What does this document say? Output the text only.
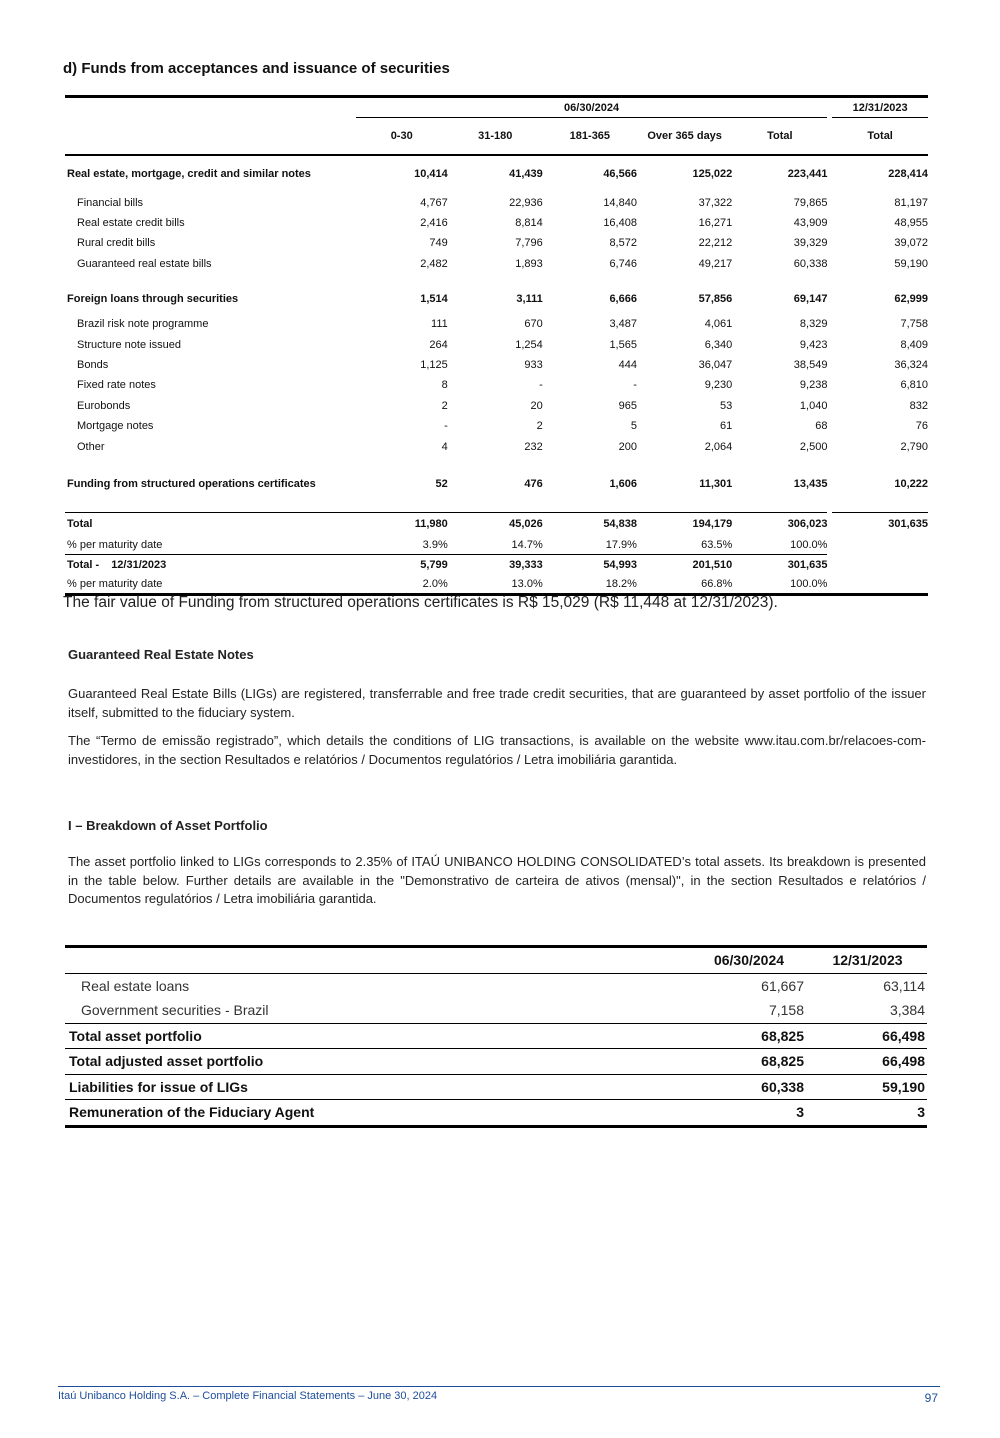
d) Funds from acceptances and issuance of securities
	06/30/2024						12/31/2023
	0-30	31-180	181-365	Over 365 days	Total		Total
Real estate, mortgage, credit and similar notes	10,414	41,439	46,566	125,022	223,441		228,414
Financial bills	4,767	22,936	14,840	37,322	79,865		81,197
Real estate credit bills	2,416	8,814	16,408	16,271	43,909		48,955
Rural credit bills	749	7,796	8,572	22,212	39,329		39,072
Guaranteed real estate bills	2,482	1,893	6,746	49,217	60,338		59,190

Foreign loans through securities	1,514	3,111	6,666	57,856	69,147		62,999
Brazil risk note programme	111	670	3,487	4,061	8,329		7,758
Structure note issued	264	1,254	1,565	6,340	9,423		8,409
Bonds	1,125	933	444	36,047	38,549		36,324
Fixed rate notes	8	-	-	9,230	9,238		6,810
Eurobonds	2	20	965	53	1,040		832
Mortgage notes	-	2	5	61	68		76
Other	4	232	200	2,064	2,500		2,790

Funding from structured operations certificates	52	476	1,606	11,301	13,435		10,222

Total	11,980	45,026	54,838	194,179	306,023		301,635
% per maturity date	3.9%	14.7%	17.9%	63.5%	100.0%		
Total - 12/31/2023	5,799	39,333	54,993	201,510	301,635		
% per maturity date	2.0%	13.0%	18.2%	66.8%	100.0%		

The fair value of Funding from structured operations certificates is R$ 15,029 (R$ 11,448 at 12/31/2023).

Guaranteed Real Estate Notes

Guaranteed Real Estate Bills (LIGs) are registered, transferrable and free trade credit securities, that are guaranteed by asset portfolio of the issuer itself, submitted to the fiduciary system.

The “Termo de emissão registrado”, which details the conditions of LIG transactions, is available on the website www.itau.com.br/relacoes-com-investidores, in the section Resultados e relatórios / Documentos regulatórios / Letra imobiliária garantida.

I – Breakdown of Asset Portfolio

The asset portfolio linked to LIGs corresponds to 2.35% of ITAÚ UNIBANCO HOLDING CONSOLIDATED’s total assets. Its breakdown is presented in the table below. Further details are available in the "Demonstrativo de carteira de ativos (mensal)", in the section Resultados e relatórios / Documentos regulatórios / Letra imobiliária garantida.

	06/30/2024	12/31/2023
Real estate loans	61,667	63,114
Government securities - Brazil	7,158	3,384
Total asset portfolio	68,825	66,498
Total adjusted asset portfolio	68,825	66,498
Liabilities for issue of LIGs	60,338	59,190
Remuneration of the Fiduciary Agent	3	3
Itaú Unibanco Holding S.A. – Complete Financial Statements – June 30, 2024	97
